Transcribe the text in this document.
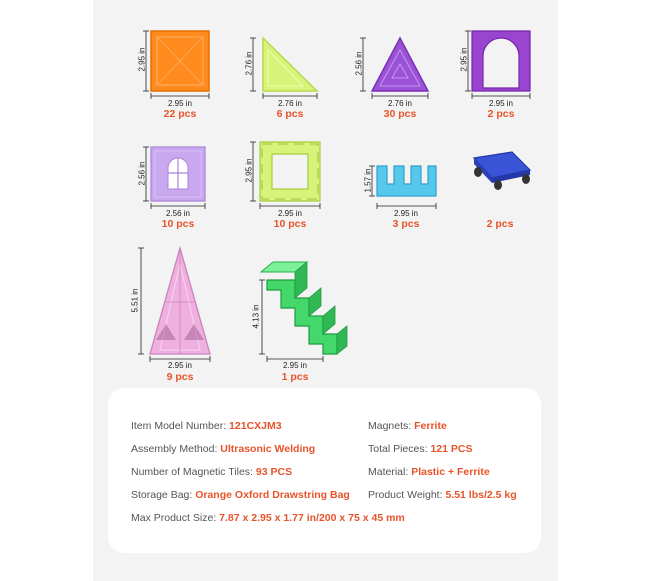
2.95 in
2.95 in
22 pcs
2.76 in
2.76 in
6 pcs
2.56 in
2.76 in
30 pcs
2.95 in
2.95 in
2 pcs
2.56 in
2.56 in
10 pcs
2.95 in
2.95 in
10 pcs
1.57 in
2.95 in
3 pcs	2 pcs
5.51 in
2.95 in
9 pcs
4.13 in
2.95 in
1 pcs
Item Model Number: 121CXJM3	Magnets: Ferrite
Assembly Method: Ultrasonic Welding	Total Pieces: 121 PCS
Number of Magnetic Tiles: 93 PCS	Material: Plastic + Ferrite
Storage Bag: Orange Oxford Drawstring Bag Product Weight: 5.51 lbs/2.5 kg
Max Product Size: 7.87 x 2.95 x 1.77 in/200 x 75 x 45 mm
